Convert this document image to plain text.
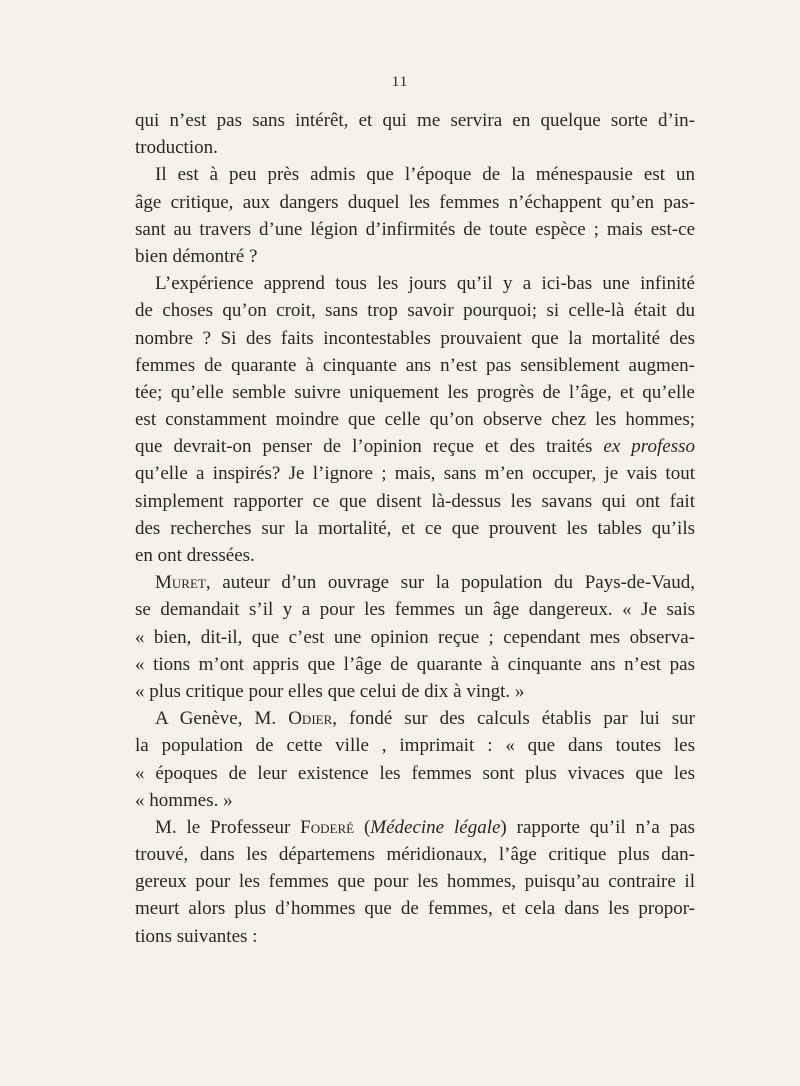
11
qui n’est pas sans intérêt, et qui me servira en quelque sorte d’in-
troduction.
Il est à peu près admis que l’époque de la ménespausie est un
âge critique, aux dangers duquel les femmes n’échappent qu’en pas-
sant au travers d’une légion d’infirmités de toute espèce ; mais est-ce
bien démontré ?
L’expérience apprend tous les jours qu’il y a ici-bas une infinité
de choses qu’on croit, sans trop savoir pourquoi; si celle-là était du
nombre ? Si des faits incontestables prouvaient que la mortalité des
femmes de quarante à cinquante ans n’est pas sensiblement augmen-
tée; qu’elle semble suivre uniquement les progrès de l’âge, et qu’elle
est constamment moindre que celle qu’on observe chez les hommes;
que devrait-on penser de l’opinion reçue et des traités ex professo
qu’elle a inspirés? Je l’ignore ; mais, sans m’en occuper, je vais tout
simplement rapporter ce que disent là-dessus les savans qui ont fait
des recherches sur la mortalité, et ce que prouvent les tables qu’ils
en ont dressées.
Muret, auteur d’un ouvrage sur la population du Pays-de-Vaud,
se demandait s’il y a pour les femmes un âge dangereux. « Je sais
« bien, dit-il, que c’est une opinion reçue ; cependant mes observa-
« tions m’ont appris que l’âge de quarante à cinquante ans n’est pas
« plus critique pour elles que celui de dix à vingt. »
A Genève, M. Odier, fondé sur des calculs établis par lui sur
la population de cette ville , imprimait : « que dans toutes les
« époques de leur existence les femmes sont plus vivaces que les
« hommes. »
M. le Professeur Foderé (Médecine légale) rapporte qu’il n’a pas
trouvé, dans les départemens méridionaux, l’âge critique plus dan-
gereux pour les femmes que pour les hommes, puisqu’au contraire il
meurt alors plus d’hommes que de femmes, et cela dans les propor-
tions suivantes :
